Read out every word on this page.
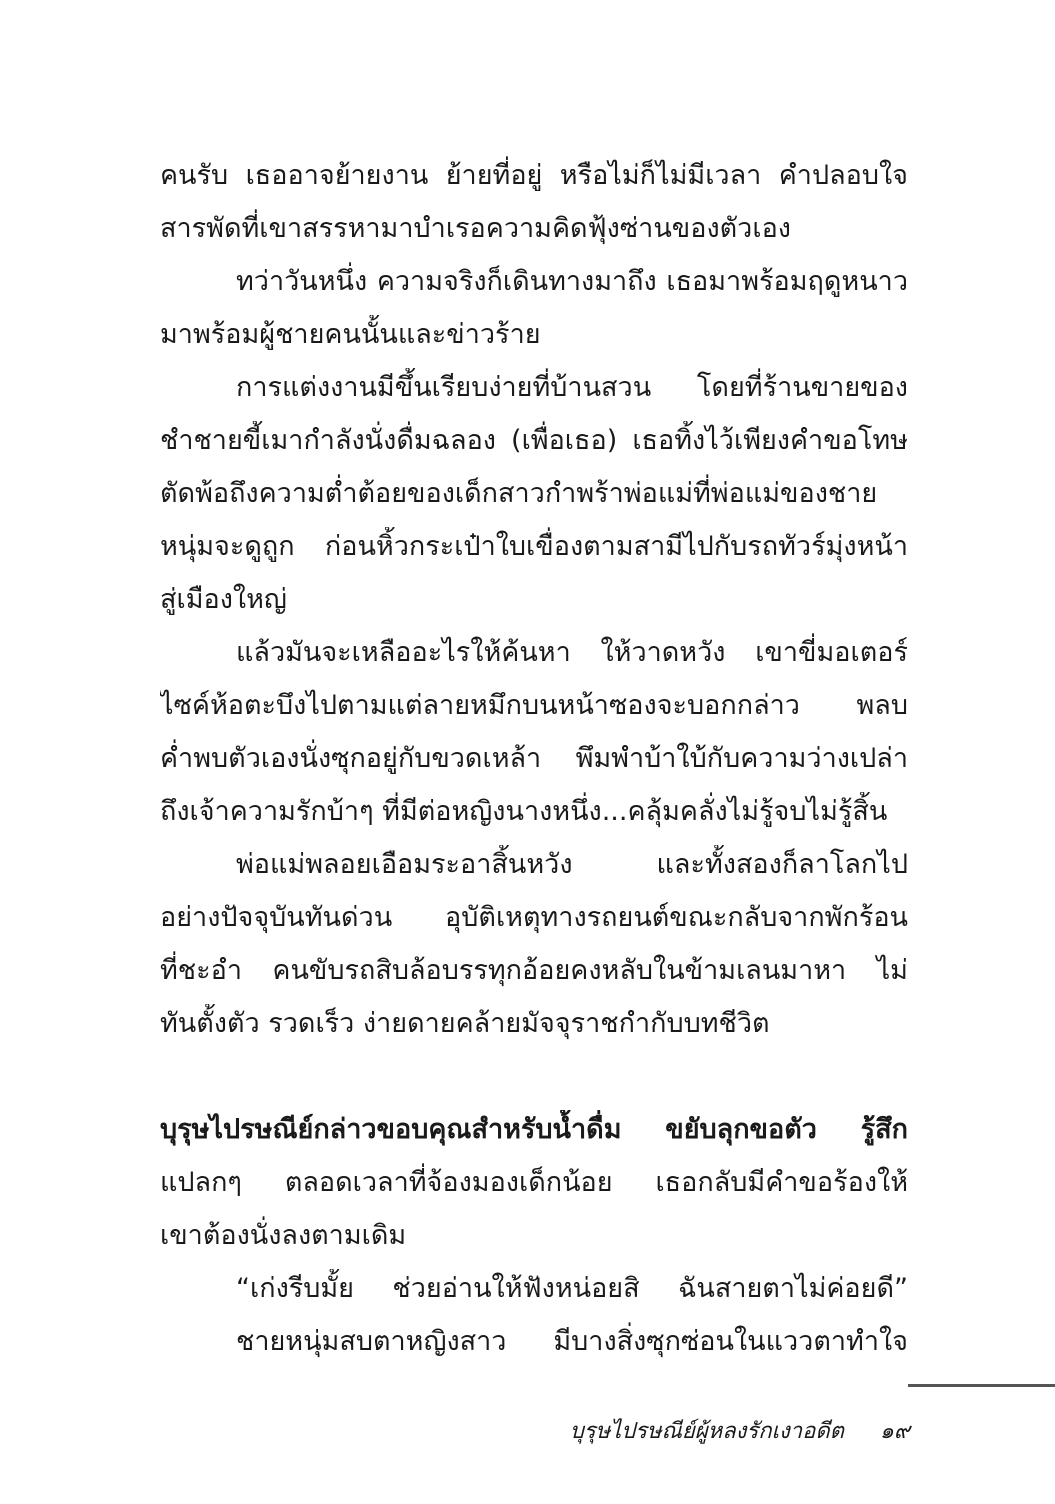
คนรับ เธออาจย้ายงาน ย้ายที่อยู่ หรือไม่ก็ไม่มีเวลา คำปลอบใจ
สารพัดที่เขาสรรหามาบำเรอความคิดฟุ้งซ่านของตัวเอง
ทว่าวันหนึ่ง ความจริงก็เดินทางมาถึง เธอมาพร้อมฤดูหนาว
มาพร้อมผู้ชายคนนั้นและข่าวร้าย
การแต่งงานมีขึ้นเรียบง่ายที่บ้านสวน โดยที่ร้านขายของ
ชำชายขี้เมากำลังนั่งดื่มฉลอง (เพื่อเธอ) เธอทิ้งไว้เพียงคำขอโทษ
ตัดพ้อถึงความต่ำต้อยของเด็กสาวกำพร้าพ่อแม่ที่พ่อแม่ของชาย
หนุ่มจะดูถูก ก่อนหิ้วกระเป๋าใบเขื่องตามสามีไปกับรถทัวร์มุ่งหน้า
สู่เมืองใหญ่
แล้วมันจะเหลืออะไรให้ค้นหา ให้วาดหวัง เขาขี่มอเตอร์
ไซค์ห้อตะบึงไปตามแต่ลายหมึกบนหน้าซองจะบอกกล่าว พลบ
ค่ำพบตัวเองนั่งซุกอยู่กับขวดเหล้า พึมพำบ้าใบ้กับความว่างเปล่า
ถึงเจ้าความรักบ้าๆ ที่มีต่อหญิงนางหนึ่ง...คลุ้มคลั่งไม่รู้จบไม่รู้สิ้น
พ่อแม่พลอยเอือมระอาสิ้นหวัง และทั้งสองก็ลาโลกไป
อย่างปัจจุบันทันด่วน อุบัติเหตุทางรถยนต์ขณะกลับจากพักร้อน
ที่ชะอำ คนขับรถสิบล้อบรรทุกอ้อยคงหลับในข้ามเลนมาหา ไม่
ทันตั้งตัว รวดเร็ว ง่ายดายคล้ายมัจจุราชกำกับบทชีวิต
บุรุษไปรษณีย์กล่าวขอบคุณสำหรับน้ำดื่ม ขยับลุกขอตัว รู้สึก
แปลกๆ ตลอดเวลาที่จ้องมองเด็กน้อย เธอกลับมีคำขอร้องให้
เขาต้องนั่งลงตามเดิม
“เก่งรีบมั้ย ช่วยอ่านให้ฟังหน่อยสิ ฉันสายตาไม่ค่อยดี”
ชายหนุ่มสบตาหญิงสาว มีบางสิ่งซุกซ่อนในแววตาทำใจ
บุรุษไปรษณีย์ผู้หลงรักเงาอดีต ๑๙
